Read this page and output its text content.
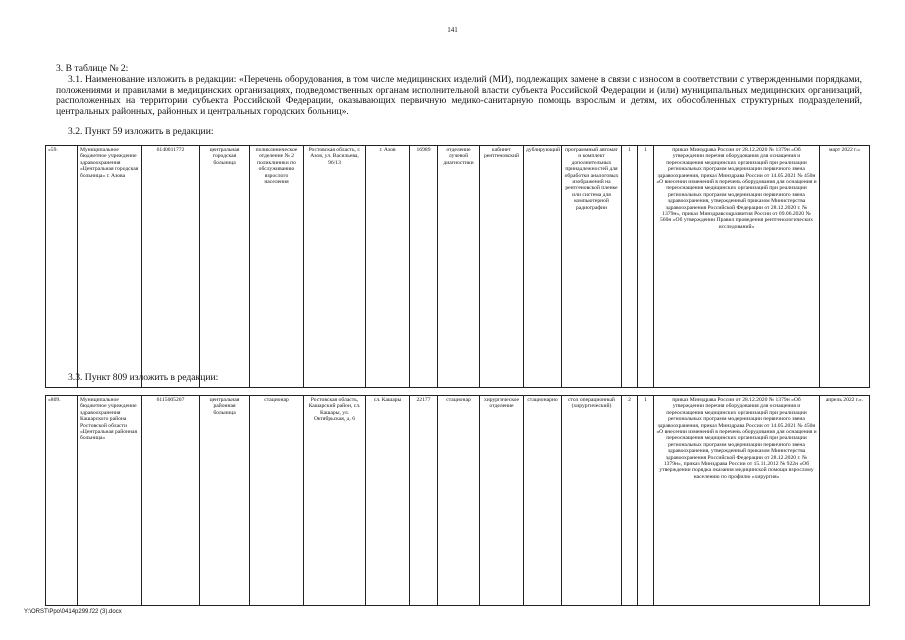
141
3. В таблице № 2:
3.1. Наименование изложить в редакции: «Перечень оборудования, в том числе медицинских изделий (МИ), подлежащих замене в связи с износом в соответствии с утвержденными порядками, положениями и правилами в медицинских организациях, подведомственных органам исполнительной власти субъекта Российской Федерации и (или) муниципальных медицинских организаций, расположенных на территории субъекта Российской Федерации, оказывающих первичную медико-санитарную помощь взрослым и детям, их обособленных структурных подразделений, центральных районных, районных и центральных городских больниц».
3.2. Пункт 59 изложить в редакции:
«59.	Муниципальное бюджетное учреждение здравоохранения «Центральная городская больница» г. Азова	6140011772	центральная городская больница	поликлиническое отделение № 2 поликлиники по обслуживанию взрослого населения	Ростовская область, г. Азов, ул. Васильева, 96/13	г. Азов	16989	отделение лучевой диагностики	кабинет рентгеновский	дублирующий	программный автомат и комплект дополнительных принадлежностей для обработки аналоговых изображений на рентгеновской пленке или система для компьютерной радиографии	1	1	приказ Минздрава России от 28.12.2020 № 1379н «Об утверждении перечня оборудования для оснащения и переоснащения медицинских организаций при реализации региональных программ модернизации первичного звена здравоохранения, приказ Минздрава России от 14.05.2021 № 450н «О внесении изменений в перечень оборудования для оснащения и переоснащения медицинских организаций при реализации региональных программ модернизации первичного звена здравоохранения, утвержденный приказом Министерства здравоохранения Российской Федерации от 28.12.2020 г. № 1379н», приказ Минздравсоцразвития России от 09.06.2020 № 560н «Об утверждении Правил проведения рентгенологических исследований»	март 2022 г.»
3.3. Пункт 809 изложить в редакции:
«809.	Муниципальное бюджетное учреждение здравоохранения Кашарского района Ростовской области «Центральная районная больница»	6115005207	центральная районная больница	стационар	Ростовская область, Кашарский район, сл. Кашары, ул. Октябрьская, д. 6	сл. Кашары	22177	стационар	хирургическое отделение	стационарно	стол операционный (хирургический)	2	1	приказ Минздрава России от 28.12.2020 № 1379н «Об утверждении перечня оборудования для оснащения и переоснащения медицинских организаций при реализации региональных программ модернизации первичного звена здравоохранения, приказ Минздрава России от 14.05.2021 № 450н «О внесении изменений в перечень оборудования для оснащения и переоснащения медицинских организаций при реализации региональных программ модернизации первичного звена здравоохранения, утвержденный приказом Министерства здравоохранения Российской Федерации от 28.12.2020 г. № 1379н», приказ Минздрава России от 15.11.2012 № 922н «Об утверждении порядка оказания медицинской помощи взрослому населению по профилю «хирургия»	апрель 2022 г.».
Y:\ORST\Ppo\0414p299.f22 (3).docx
